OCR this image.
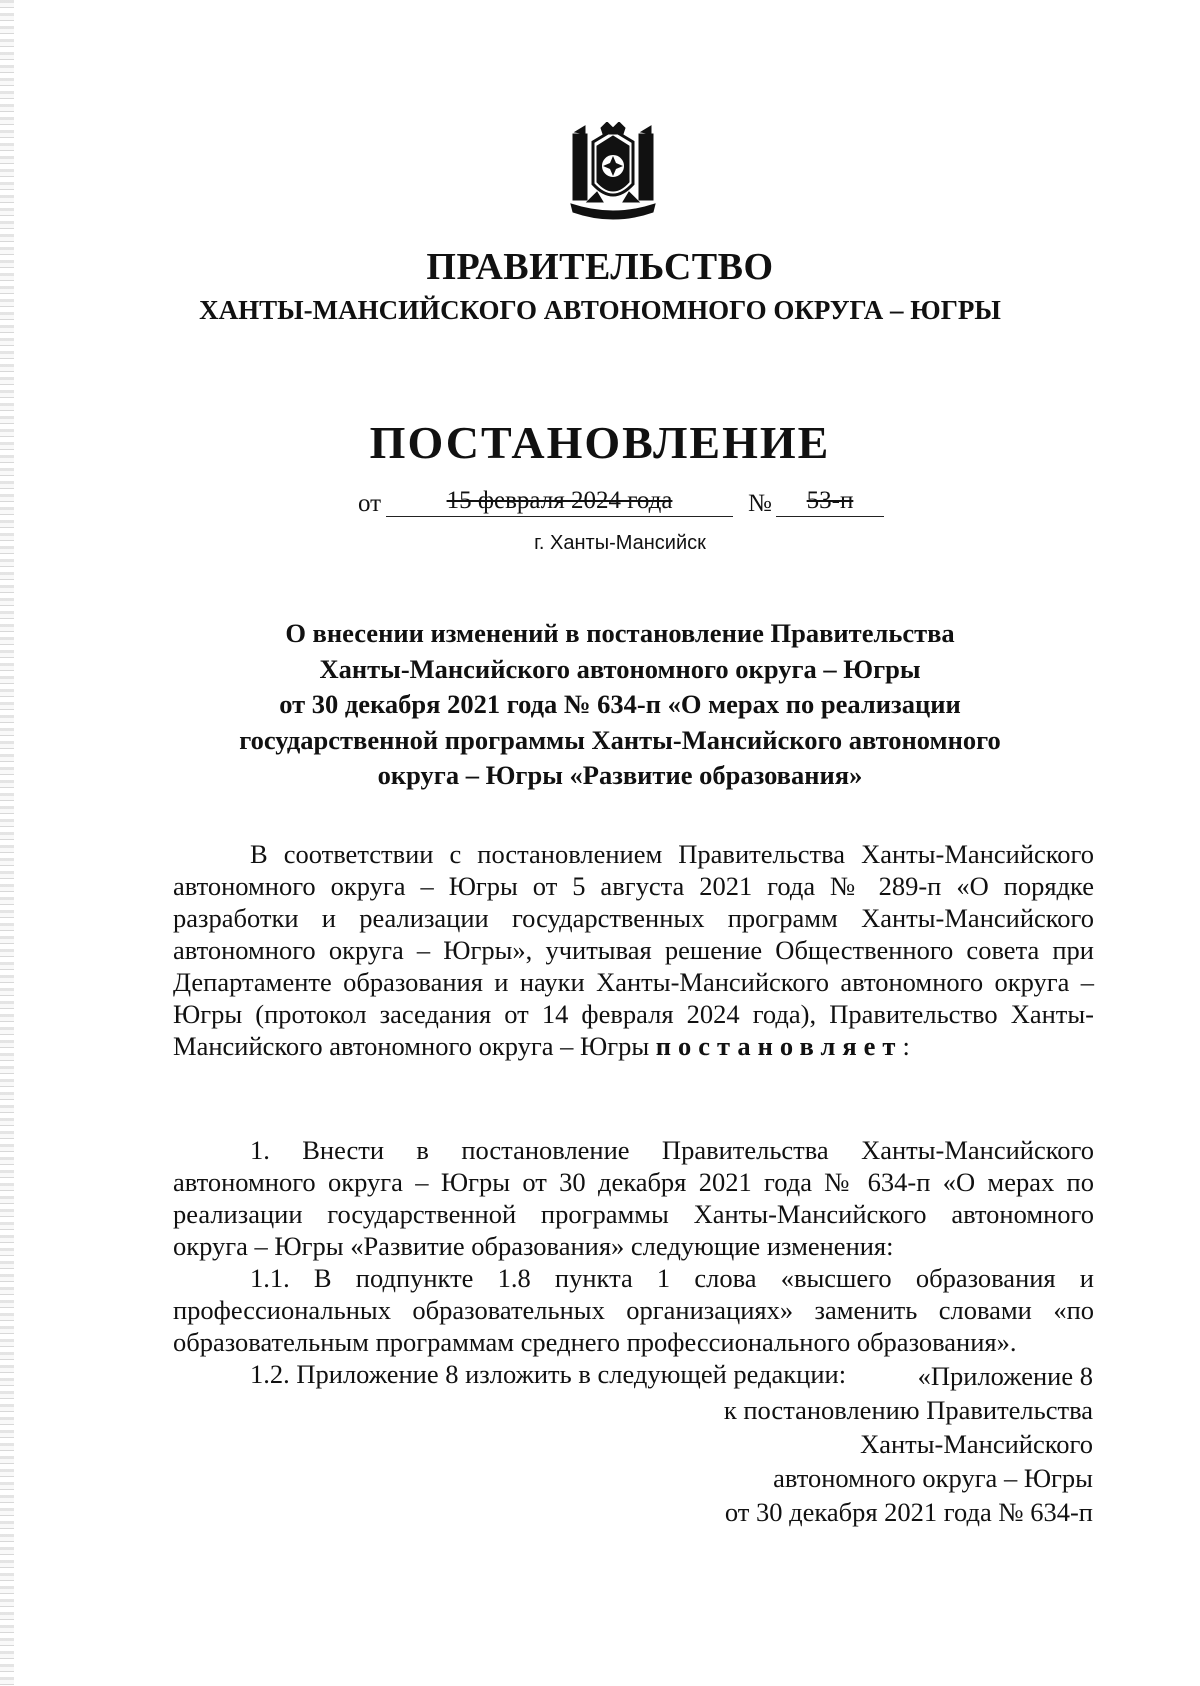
ПРАВИТЕЛЬСТВО
ХАНТЫ-МАНСИЙСКОГО АВТОНОМНОГО ОКРУГА – ЮГРЫ
ПОСТАНОВЛЕНИЕ
от	15 февраля 2024 года	№	53-п
г. Ханты-Мансийск
О внесении изменений в постановление Правительства
Ханты-Мансийского автономного округа – Югры
от 30 декабря 2021 года № 634-п «О мерах по реализации
государственной программы Ханты-Мансийского автономного
округа – Югры «Развитие образования»

В соответствии с постановлением Правительства Ханты-Мансийского автономного округа – Югры от 5 августа 2021 года № 289-п «О порядке разработки и реализации государственных программ Ханты-Мансийского автономного округа – Югры», учитывая решение Общественного совета при Департаменте образования и науки Ханты-Мансийского автономного округа – Югры (протокол заседания от 14 февраля 2024 года), Правительство Ханты-Мансийского автономного округа – Югры постановляет:

1. Внести в постановление Правительства Ханты-Мансийского автономного округа – Югры от 30 декабря 2021 года № 634-п «О мерах по реализации государственной программы Ханты-Мансийского автономного округа – Югры «Развитие образования» следующие изменения:

1.1. В подпункте 1.8 пункта 1 слова «высшего образования и профессиональных образовательных организациях» заменить словами «по образовательным программам среднего профессионального образования».

1.2. Приложение 8 изложить в следующей редакции:	«Приложение 8
к постановлению Правительства
Ханты-Мансийского
автономного округа – Югры
от 30 декабря 2021 года № 634-п
